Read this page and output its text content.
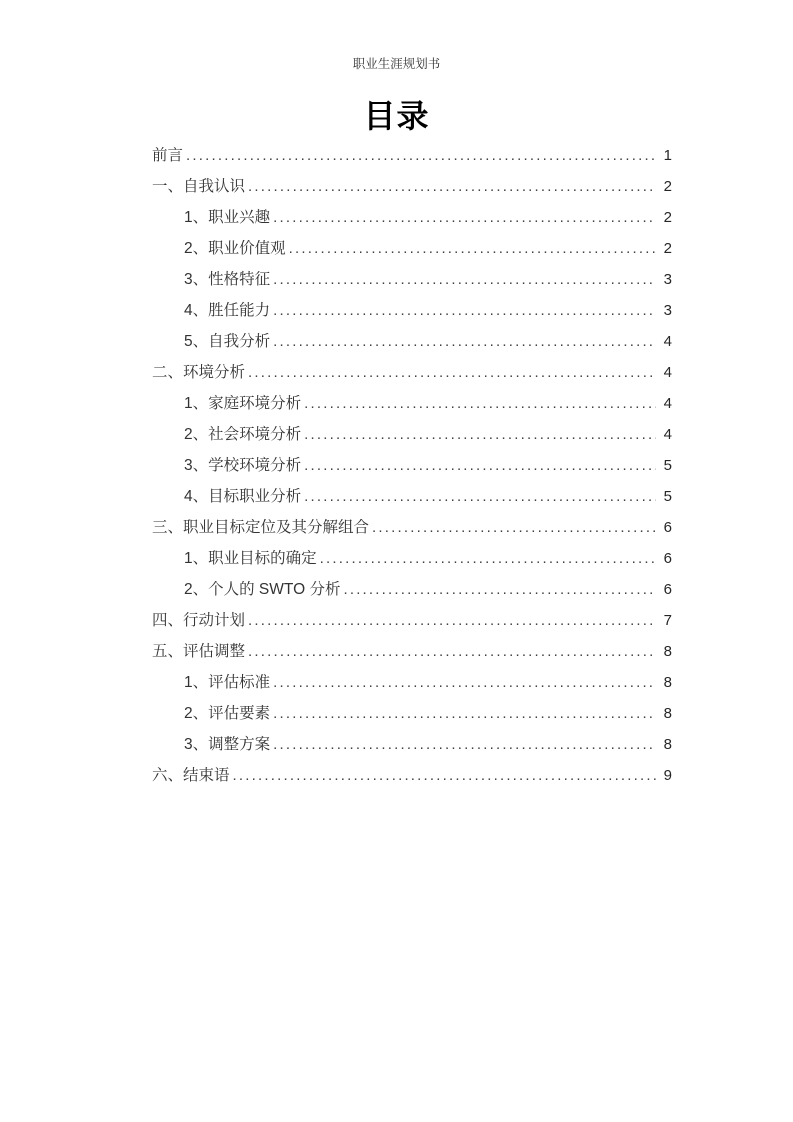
职业生涯规划书
目录
前言 .....	1
一、自我认识 .....	2
1、职业兴趣 .....	2
2、职业价值观 .....	2
3、性格特征 .....	3
4、胜任能力 .....	3
5、自我分析 .....	4
二、环境分析 .....	4
1、家庭环境分析 .....	4
2、社会环境分析 .....	4
3、学校环境分析 .....	5
4、目标职业分析 .....	5
三、职业目标定位及其分解组合 .....	6
1、职业目标的确定 .....	6
2、个人的 SWTO 分析 .....	6
四、行动计划 .....	7
五、评估调整 .....	8
1、评估标准 .....	8
2、评估要素 .....	8
3、调整方案 .....	8
六、结束语 .....	9
